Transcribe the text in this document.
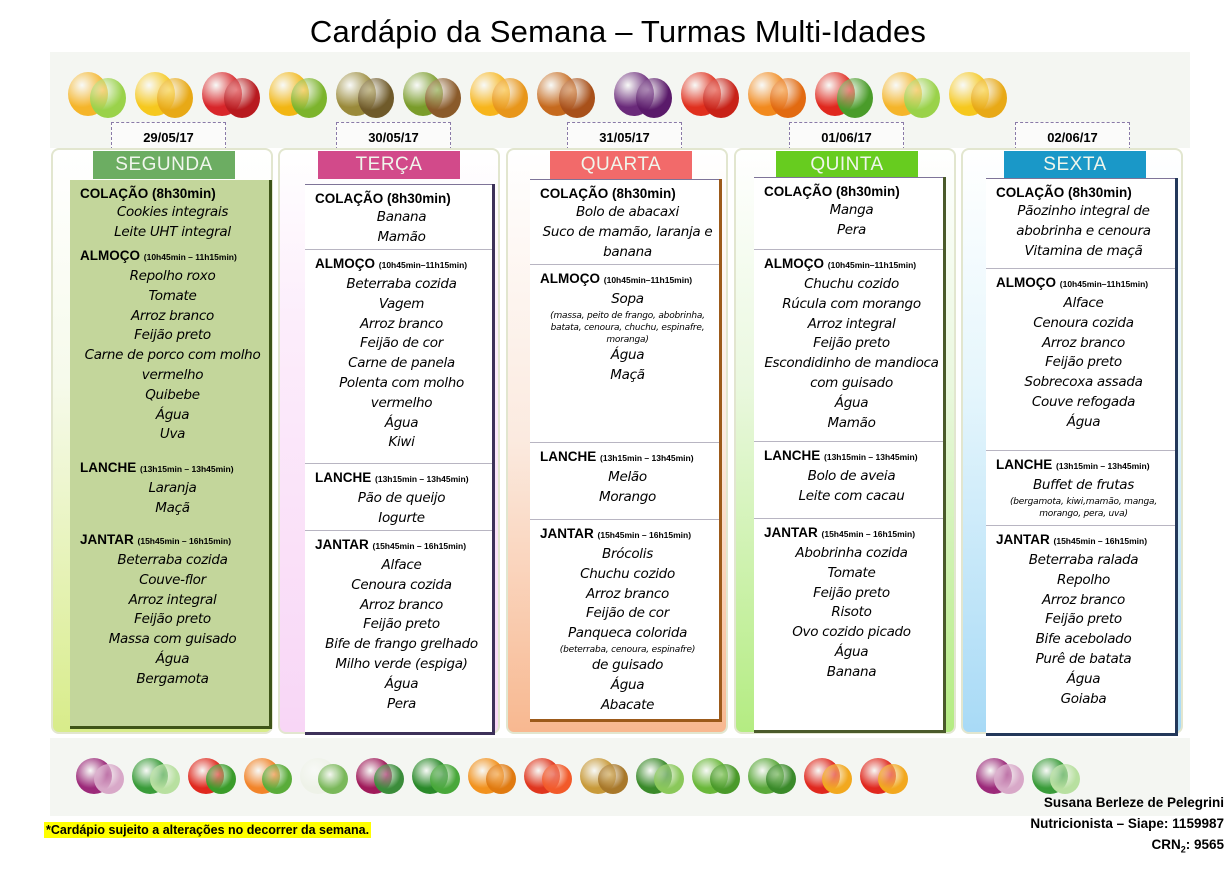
Cardápio da Semana – Turmas Multi-Idades
29/05/17
SEGUNDA
COLAÇÃO (8h30min)
Cookies integrais
Leite UHT integral
ALMOÇO (10h45min – 11h15min)
Repolho roxo
Tomate
Arroz branco
Feijão preto
Carne de porco com molho vermelho
Quibebe
Água
Uva
LANCHE (13h15min – 13h45min)
Laranja
Maçã
JANTAR (15h45min – 16h15min)
Beterraba cozida
Couve-flor
Arroz integral
Feijão preto
Massa com guisado
Água
Bergamota
30/05/17
TERÇA
COLAÇÃO (8h30min)
Banana
Mamão
ALMOÇO (10h45min–11h15min)
Beterraba cozida
Vagem
Arroz branco
Feijão de cor
Carne de panela
Polenta com molho vermelho
Água
Kiwi
LANCHE (13h15min – 13h45min)
Pão de queijo
Iogurte
JANTAR (15h45min – 16h15min)
Alface
Cenoura cozida
Arroz branco
Feijão preto
Bife de frango grelhado
Milho verde (espiga)
Água
Pera
31/05/17
QUARTA
COLAÇÃO (8h30min)
Bolo de abacaxi
Suco de mamão, laranja e banana
ALMOÇO (10h45min–11h15min)
Sopa
(massa, peito de frango, abobrinha, batata, cenoura, chuchu, espinafre, moranga)
Água
Maçã
LANCHE (13h15min – 13h45min)
Melão
Morango
JANTAR (15h45min – 16h15min)
Brócolis
Chuchu cozido
Arroz branco
Feijão de cor
Panqueca colorida
(beterraba, cenoura, espinafre)
de guisado
Água
Abacate
01/06/17
QUINTA
COLAÇÃO (8h30min)
Manga
Pera
ALMOÇO (10h45min–11h15min)
Chuchu cozido
Rúcula com morango
Arroz integral
Feijão preto
Escondidinho de mandioca com guisado
Água
Mamão
LANCHE (13h15min – 13h45min)
Bolo de aveia
Leite com cacau
JANTAR (15h45min – 16h15min)
Abobrinha cozida
Tomate
Feijão preto
Risoto
Ovo cozido picado
Água
Banana
02/06/17
SEXTA
COLAÇÃO (8h30min)
Pãozinho integral de abobrinha e cenoura
Vitamina de maçã
ALMOÇO (10h45min–11h15min)
Alface
Cenoura cozida
Arroz branco
Feijão preto
Sobrecoxa assada
Couve refogada
Água
LANCHE (13h15min – 13h45min)
Buffet de frutas
(bergamota, kiwi,mamão, manga, morango, pera, uva)
JANTAR (15h45min – 16h15min)
Beterraba ralada
Repolho
Arroz branco
Feijão preto
Bife acebolado
Purê de batata
Água
Goiaba
*Cardápio sujeito a alterações no decorrer da semana.
Susana Berleze de Pelegrini
Nutricionista – Siape: 1159987
$CRN_2$: 9565
